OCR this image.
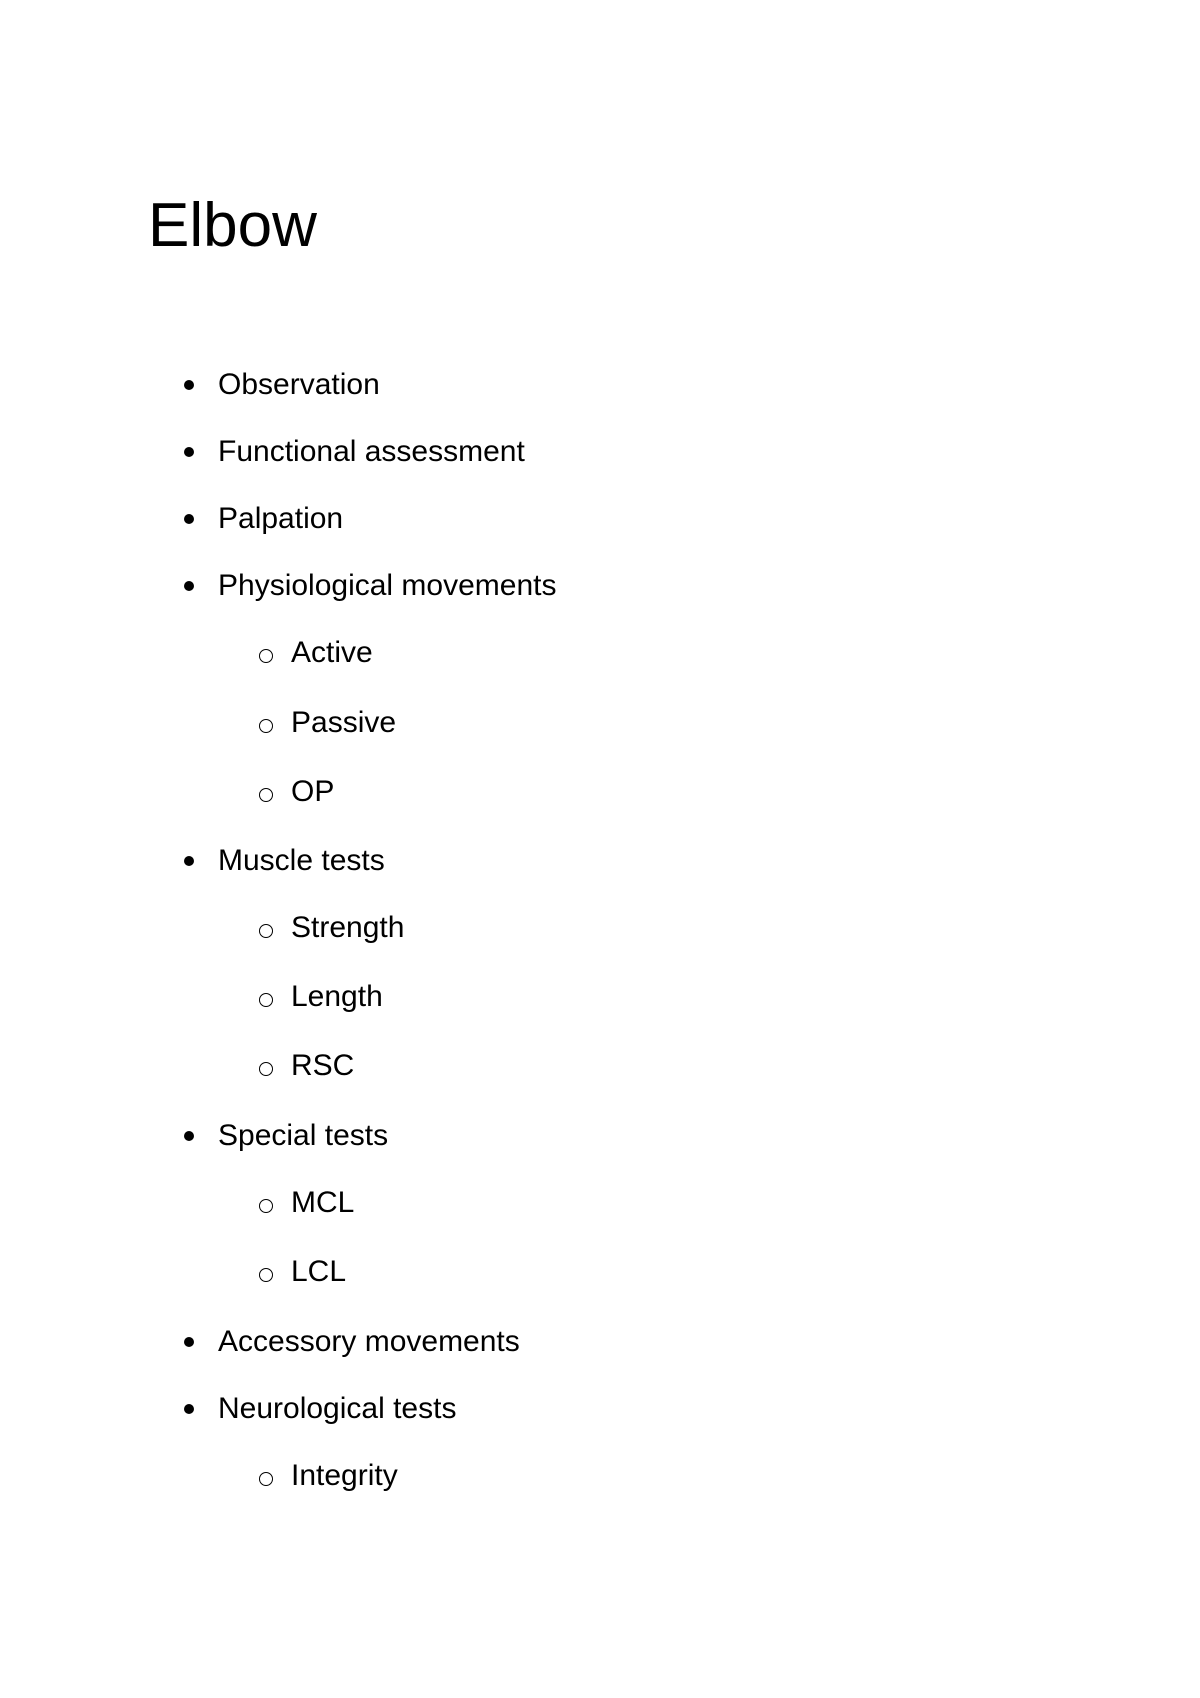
Elbow
Observation
Functional assessment
Palpation
Physiological movements
Active
Passive
OP
Muscle tests
Strength
Length
RSC
Special tests
MCL
LCL
Accessory movements
Neurological tests
Integrity
